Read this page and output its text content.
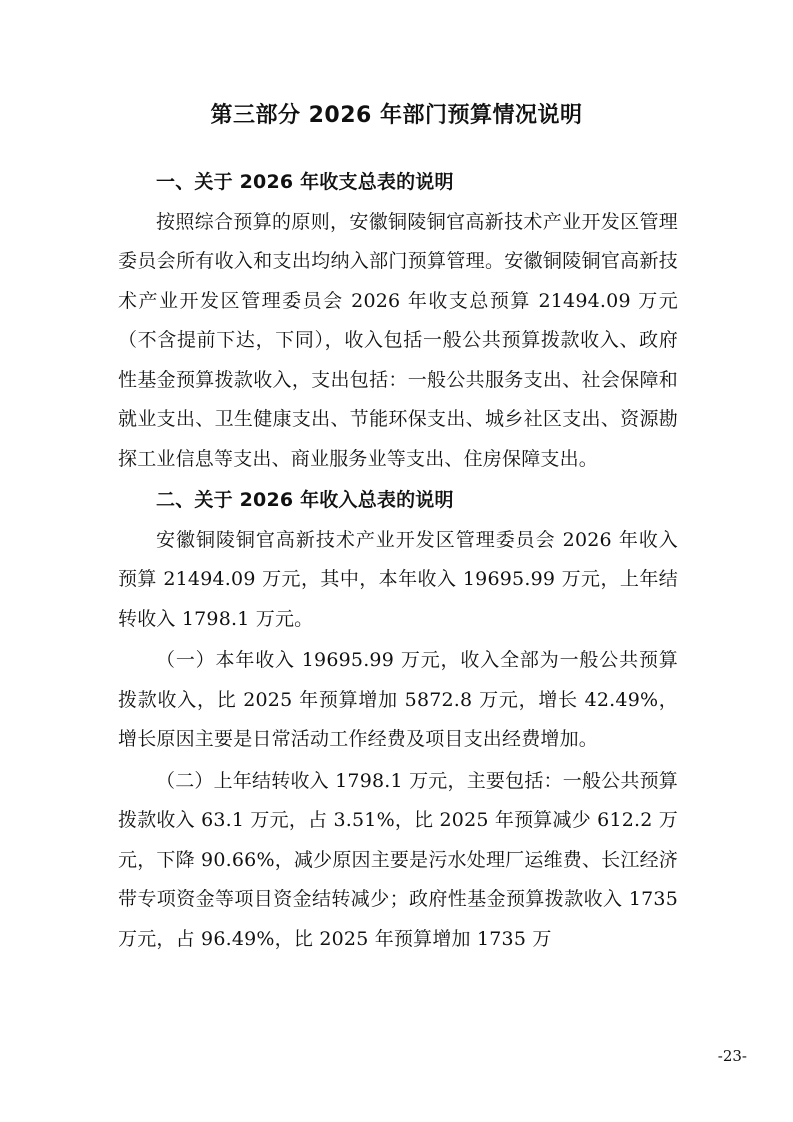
第三部分 2026 年部门预算情况说明

一、关于 2026 年收支总表的说明

按照综合预算的原则，安徽铜陵铜官高新技术产业开发区管理委员会所有收入和支出均纳入部门预算管理。安徽铜陵铜官高新技术产业开发区管理委员会 2026 年收支总预算 21494.09 万元（不含提前下达，下同），收入包括一般公共预算拨款收入、政府性基金预算拨款收入，支出包括：一般公共服务支出、社会保障和就业支出、卫生健康支出、节能环保支出、城乡社区支出、资源勘探工业信息等支出、商业服务业等支出、住房保障支出。

二、关于 2026 年收入总表的说明

安徽铜陵铜官高新技术产业开发区管理委员会 2026 年收入预算 21494.09 万元，其中，本年收入 19695.99 万元，上年结转收入 1798.1 万元。

（一）本年收入 19695.99 万元，收入全部为一般公共预算拨款收入，比 2025 年预算增加 5872.8 万元，增长 42.49%，增长原因主要是日常活动工作经费及项目支出经费增加。

（二）上年结转收入 1798.1 万元，主要包括：一般公共预算拨款收入 63.1 万元，占 3.51%，比 2025 年预算减少 612.2 万元，下降 90.66%，减少原因主要是污水处理厂运维费、长江经济带专项资金等项目资金结转减少；政府性基金预算拨款收入 1735 万元，占 96.49%，比 2025 年预算增加 1735 万

-23-
